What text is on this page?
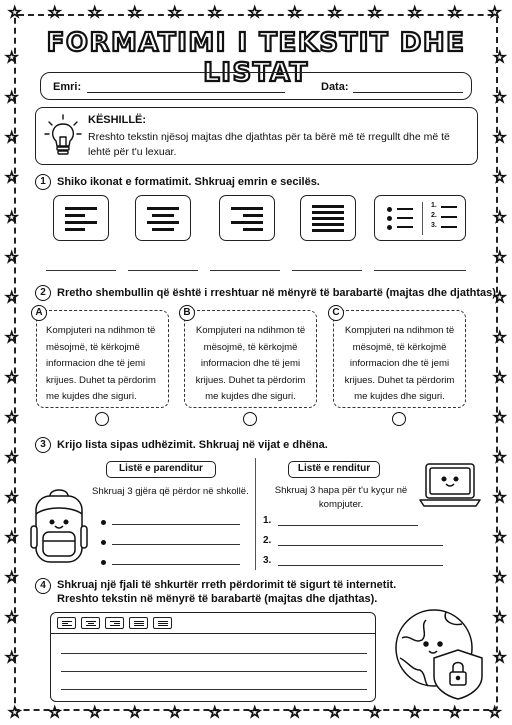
☆
☆
☆
☆
☆
☆
☆
☆
☆
☆
☆
☆
☆
☆
☆
☆
☆
☆
☆
☆
☆
☆
☆
☆
☆
☆
☆	☆
☆	☆
☆	☆
☆	☆
☆	☆
☆	☆
☆	☆
☆	☆
☆	☆
☆	☆
☆	☆
☆	☆
☆	☆
☆	☆
☆	☆
☆	☆
FORMATIMI I TEKSTIT DHE LISTAT
Emri:	Data:
KËSHILLË:
Rreshto tekstin njësoj majtas dhe djathtas për ta bërë më të rregullt dhe më të lehtë për t'u lexuar.
1	Shiko ikonat e formatimit. Shkruaj emrin e secilës.
1.
2.
3.
2	Rretho shembullin që është i rreshtuar në mënyrë të barabartë (majtas dhe djathtas).
Kompjuteri na ndihmon të mësojmë, të kërkojmë informacion dhe të jemi krijues. Duhet ta përdorim me kujdes dhe siguri.
A
Kompjuteri na ndihmon të mësojmë, të kërkojmë informacion dhe të jemi krijues. Duhet ta përdorim me kujdes dhe siguri.
B
Kompjuteri na ndihmon të mësojmë, të kërkojmë informacion dhe të jemi krijues. Duhet ta përdorim me kujdes dhe siguri.
C
3	Krijo lista sipas udhëzimit. Shkruaj në vijat e dhëna.
Listë e parenditur
Shkruaj 3 gjëra që përdor në shkollë.
Listë e renditur
Shkruaj 3 hapa për t'u kyçur në kompjuter.
1.
2.
3.
4	Shkruaj një fjali të shkurtër rreth përdorimit të sigurt të internetit.
Rreshto tekstin në mënyrë të barabartë (majtas dhe djathtas).
